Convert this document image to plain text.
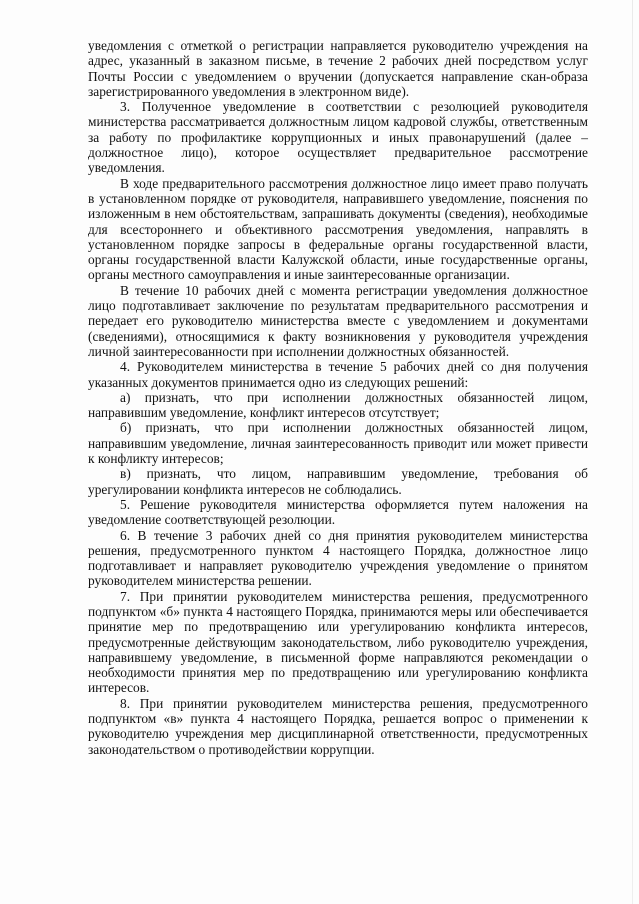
уведомления с отметкой о регистрации направляется руководителю учреждения на адрес, указанный в заказном письме, в течение 2 рабочих дней посредством услуг Почты России с уведомлением о вручении (допускается направление скан-образа зарегистрированного уведомления в электронном виде).

3. Полученное уведомление в соответствии с резолюцией руководителя министерства рассматривается должностным лицом кадровой службы, ответственным за работу по профилактике коррупционных и иных правонарушений (далее – должностное лицо), которое осуществляет предварительное рассмотрение уведомления.

В ходе предварительного рассмотрения должностное лицо имеет право получать в установленном порядке от руководителя, направившего уведомление, пояснения по изложенным в нем обстоятельствам, запрашивать документы (сведения), необходимые для всестороннего и объективного рассмотрения уведомления, направлять в установленном порядке запросы в федеральные органы государственной власти, органы государственной власти Калужской области, иные государственные органы, органы местного самоуправления и иные заинтересованные организации.

В течение 10 рабочих дней с момента регистрации уведомления должностное лицо подготавливает заключение по результатам предварительного рассмотрения и передает его руководителю министерства вместе с уведомлением и документами (сведениями), относящимися к факту возникновения у руководителя учреждения личной заинтересованности при исполнении должностных обязанностей.

4. Руководителем министерства в течение 5 рабочих дней со дня получения указанных документов принимается одно из следующих решений:

а) признать, что при исполнении должностных обязанностей лицом, направившим уведомление, конфликт интересов отсутствует;

б) признать, что при исполнении должностных обязанностей лицом, направившим уведомление, личная заинтересованность приводит или может привести к конфликту интересов;

в) признать, что лицом, направившим уведомление, требования об урегулировании конфликта интересов не соблюдались.

5. Решение руководителя министерства оформляется путем наложения на уведомление соответствующей резолюции.

6. В течение 3 рабочих дней со дня принятия руководителем министерства решения, предусмотренного пунктом 4 настоящего Порядка, должностное лицо подготавливает и направляет руководителю учреждения уведомление о принятом руководителем министерства решении.

7. При принятии руководителем министерства решения, предусмотренного подпунктом «б» пункта 4 настоящего Порядка, принимаются меры или обеспечивается принятие мер по предотвращению или урегулированию конфликта интересов, предусмотренные действующим законодательством, либо руководителю учреждения, направившему уведомление, в письменной форме направляются рекомендации о необходимости принятия мер по предотвращению или урегулированию конфликта интересов.

8. При принятии руководителем министерства решения, предусмотренного подпунктом «в» пункта 4 настоящего Порядка, решается вопрос о применении к руководителю учреждения мер дисциплинарной ответственности, предусмотренных законодательством о противодействии коррупции.
